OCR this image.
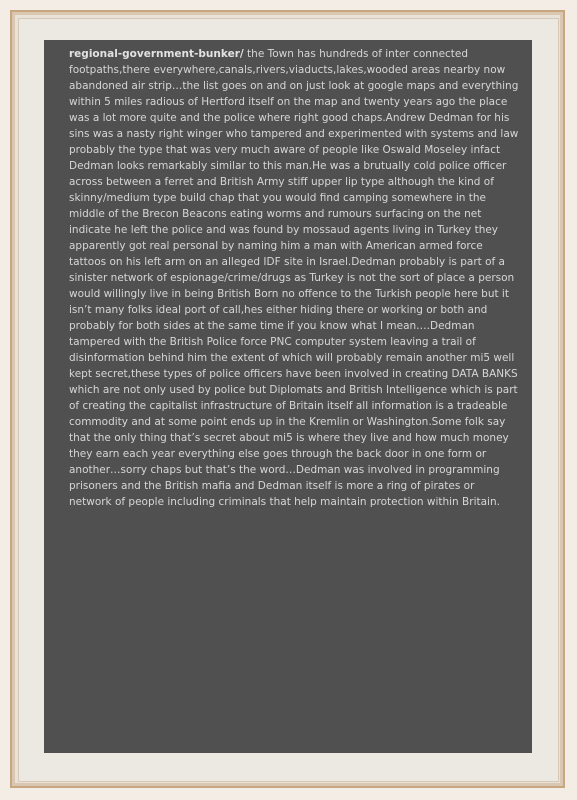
regional-government-bunker/ the Town has hundreds of inter connected footpaths,there everywhere,canals,rivers,viaducts,lakes,wooded areas nearby now abandoned air strip…the list goes on and on just look at google maps and everything within 5 miles radious of Hertford itself on the map and twenty years ago the place was a lot more quite and the police where right good chaps.Andrew Dedman for his sins was a nasty right winger who tampered and experimented with systems and law probably the type that was very much aware of people like Oswald Moseley infact Dedman looks remarkably similar to this man.He was a brutually cold police officer across between a ferret and British Army stiff upper lip type although the kind of skinny/medium type build chap that you would find camping somewhere in the middle of the Brecon Beacons eating worms and rumours surfacing on the net indicate he left the police and was found by mossaud agents living in Turkey they apparently got real personal by naming him a man with American armed force tattoos on his left arm on an alleged IDF site in Israel.Dedman probably is part of a sinister network of espionage/crime/drugs as Turkey is not the sort of place a person would willingly live in being British Born no offence to the Turkish people here but it isn’t many folks ideal port of call,hes either hiding there or working or both and probably for both sides at the same time if you know what I mean….Dedman tampered with the British Police force PNC computer system leaving a trail of disinformation behind him the extent of which will probably remain another mi5 well kept secret,these types of police officers have been involved in creating DATA BANKS which are not only used by police but Diplomats and British Intelligence which is part of creating the capitalist infrastructure of Britain itself all information is a tradeable commodity and at some point ends up in the Kremlin or Washington.Some folk say that the only thing that’s secret about mi5 is where they live and how much money they earn each year everything else goes through the back door in one form or another…sorry chaps but that’s the word…Dedman was involved in programming prisoners and the British mafia and Dedman itself is more a ring of pirates or network of people including criminals that help maintain protection within Britain.
